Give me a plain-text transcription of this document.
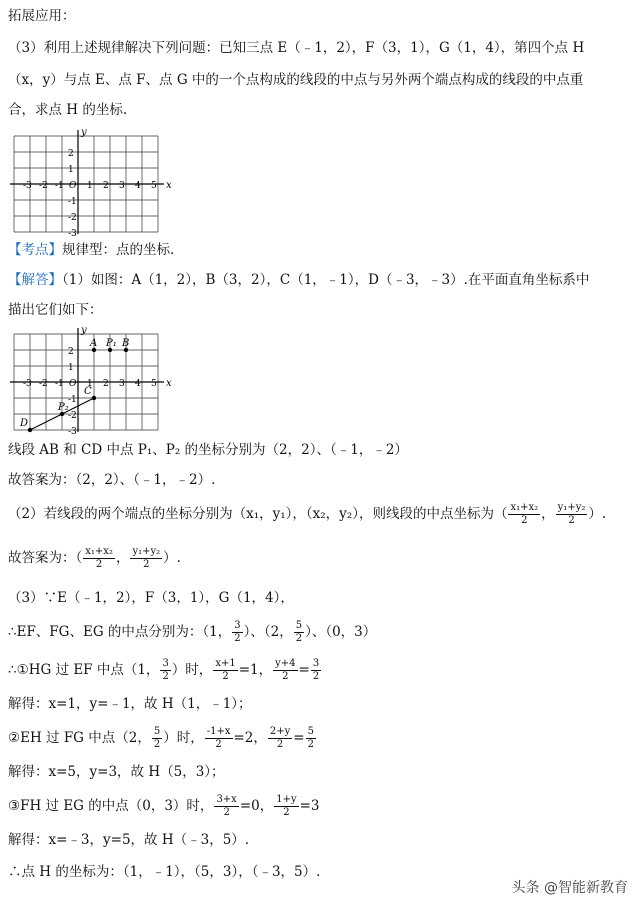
拓展应用：
（3）利用上述规律解决下列问题：已知三点 E（﹣1，2），F（3，1），G（1，4），第四个点 H
（x，y）与点 E、点 F、点 G 中的一个点构成的线段的中点与另外两个端点构成的线段的中点重
合，求点 H 的坐标.
x
y
-3 -2 -1 O 1 2 3 4 5
2
1
-1
-2
-3
【考点】规律型：点的坐标.
【解答】（1）如图：A（1，2），B（3，2），C（1，﹣1），D（﹣3，﹣3）.在平面直角坐标系中
描出它们如下：
x
y
-3 -2 -1 O 1 2 3 4 5
2
1
-1
-2
-3
A P₁ B
C
P₂
D
线段 AB 和 CD 中点 P₁、P₂ 的坐标分别为（2，2）、（﹣1，﹣2）
故答案为：（2，2）、（﹣1，﹣2）.
（2）若线段的两个端点的坐标分别为（x₁，y₁），（x₂，y₂），则线段的中点坐标为（ $\frac{\text{x₁+x₂}}{2}$ ， $\frac{\text{y₁+y₂}}{2}$ ）.
故答案为：（ $\frac{\text{x₁+x₂}}{2}$ ， $\frac{\text{y₁+y₂}}{2}$ ）.
（3）∵E（﹣1，2），F（3，1），G（1，4），
∴EF、FG、EG 的中点分别为：（1， $\frac{3}{2}$ ）、（2， $\frac{5}{2}$ ）、（0，3）
∴①HG 过 EF 中点（1， $\frac{3}{2}$ ）时， $\frac{x+1}{2} =1$， $\frac{y+4}{2} = \frac{3}{2}$
解得：x=1，y=﹣1，故 H（1，﹣1）；
②EH 过 FG 中点（2， $\frac{5}{2}$ ）时， $\frac{-1+x}{2} =2$， $\frac{2+y}{2} = \frac{5}{2}$
解得：x=5，y=3，故 H（5，3）；
③FH 过 EG 的中点（0，3）时， $\frac{3+x}{2} =0$， $\frac{1+y}{2} =3$
解得：x=﹣3，y=5，故 H（﹣3，5）.
∴点 H 的坐标为：（1，﹣1），（5，3），（﹣3，5）.
头条 @智能新教育
